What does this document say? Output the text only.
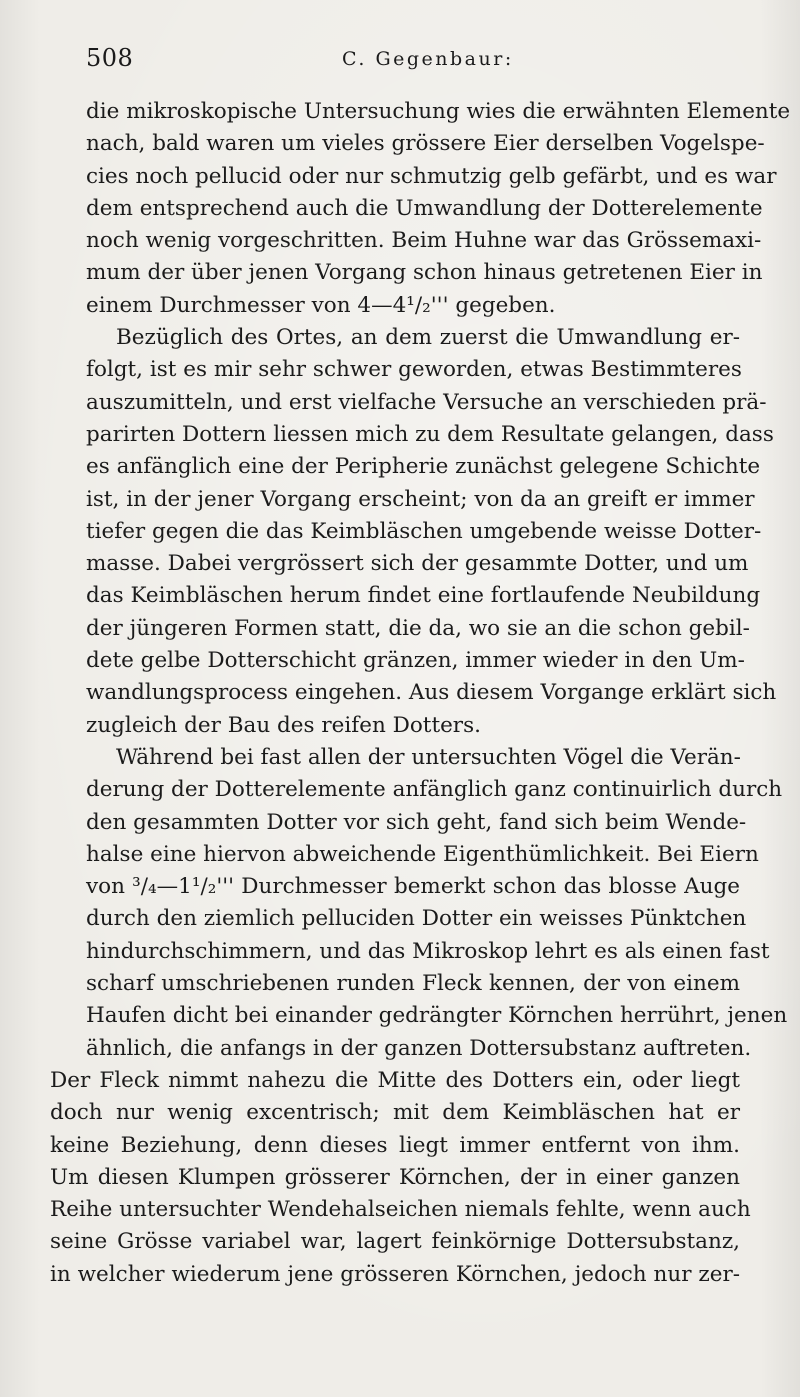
508	C. Gegenbaur:
die mikroskopische Untersuchung wies die erwähnten Elemente
nach, bald waren um vieles grössere Eier derselben Vogelspe-
cies noch pellucid oder nur schmutzig gelb gefärbt, und es war
dem entsprechend auch die Umwandlung der Dotterelemente
noch wenig vorgeschritten. Beim Huhne war das Grössemaxi-
mum der über jenen Vorgang schon hinaus getretenen Eier in
einem Durchmesser von 4—4¹/₂''' gegeben.
Bezüglich des Ortes, an dem zuerst die Umwandlung er-
folgt, ist es mir sehr schwer geworden, etwas Bestimmteres
auszumitteln, und erst vielfache Versuche an verschieden prä-
parirten Dottern liessen mich zu dem Resultate gelangen, dass
es anfänglich eine der Peripherie zunächst gelegene Schichte
ist, in der jener Vorgang erscheint; von da an greift er immer
tiefer gegen die das Keimbläschen umgebende weisse Dotter-
masse. Dabei vergrössert sich der gesammte Dotter, und um
das Keimbläschen herum findet eine fortlaufende Neubildung
der jüngeren Formen statt, die da, wo sie an die schon gebil-
dete gelbe Dotterschicht gränzen, immer wieder in den Um-
wandlungsprocess eingehen. Aus diesem Vorgange erklärt sich
zugleich der Bau des reifen Dotters.
Während bei fast allen der untersuchten Vögel die Verän-
derung der Dotterelemente anfänglich ganz continuirlich durch
den gesammten Dotter vor sich geht, fand sich beim Wende-
halse eine hiervon abweichende Eigenthümlichkeit. Bei Eiern
von ³/₄—1¹/₂''' Durchmesser bemerkt schon das blosse Auge
durch den ziemlich pelluciden Dotter ein weisses Pünktchen
hindurchschimmern, und das Mikroskop lehrt es als einen fast
scharf umschriebenen runden Fleck kennen, der von einem
Haufen dicht bei einander gedrängter Körnchen herrührt, jenen
ähnlich, die anfangs in der ganzen Dottersubstanz auftreten.
Der Fleck nimmt nahezu die Mitte des Dotters ein, oder liegt
doch nur wenig excentrisch; mit dem Keimbläschen hat er
keine Beziehung, denn dieses liegt immer entfernt von ihm.
Um diesen Klumpen grösserer Körnchen, der in einer ganzen
Reihe untersuchter Wendehalseichen niemals fehlte, wenn auch
seine Grösse variabel war, lagert feinkörnige Dottersubstanz,
in welcher wiederum jene grösseren Körnchen, jedoch nur zer-
